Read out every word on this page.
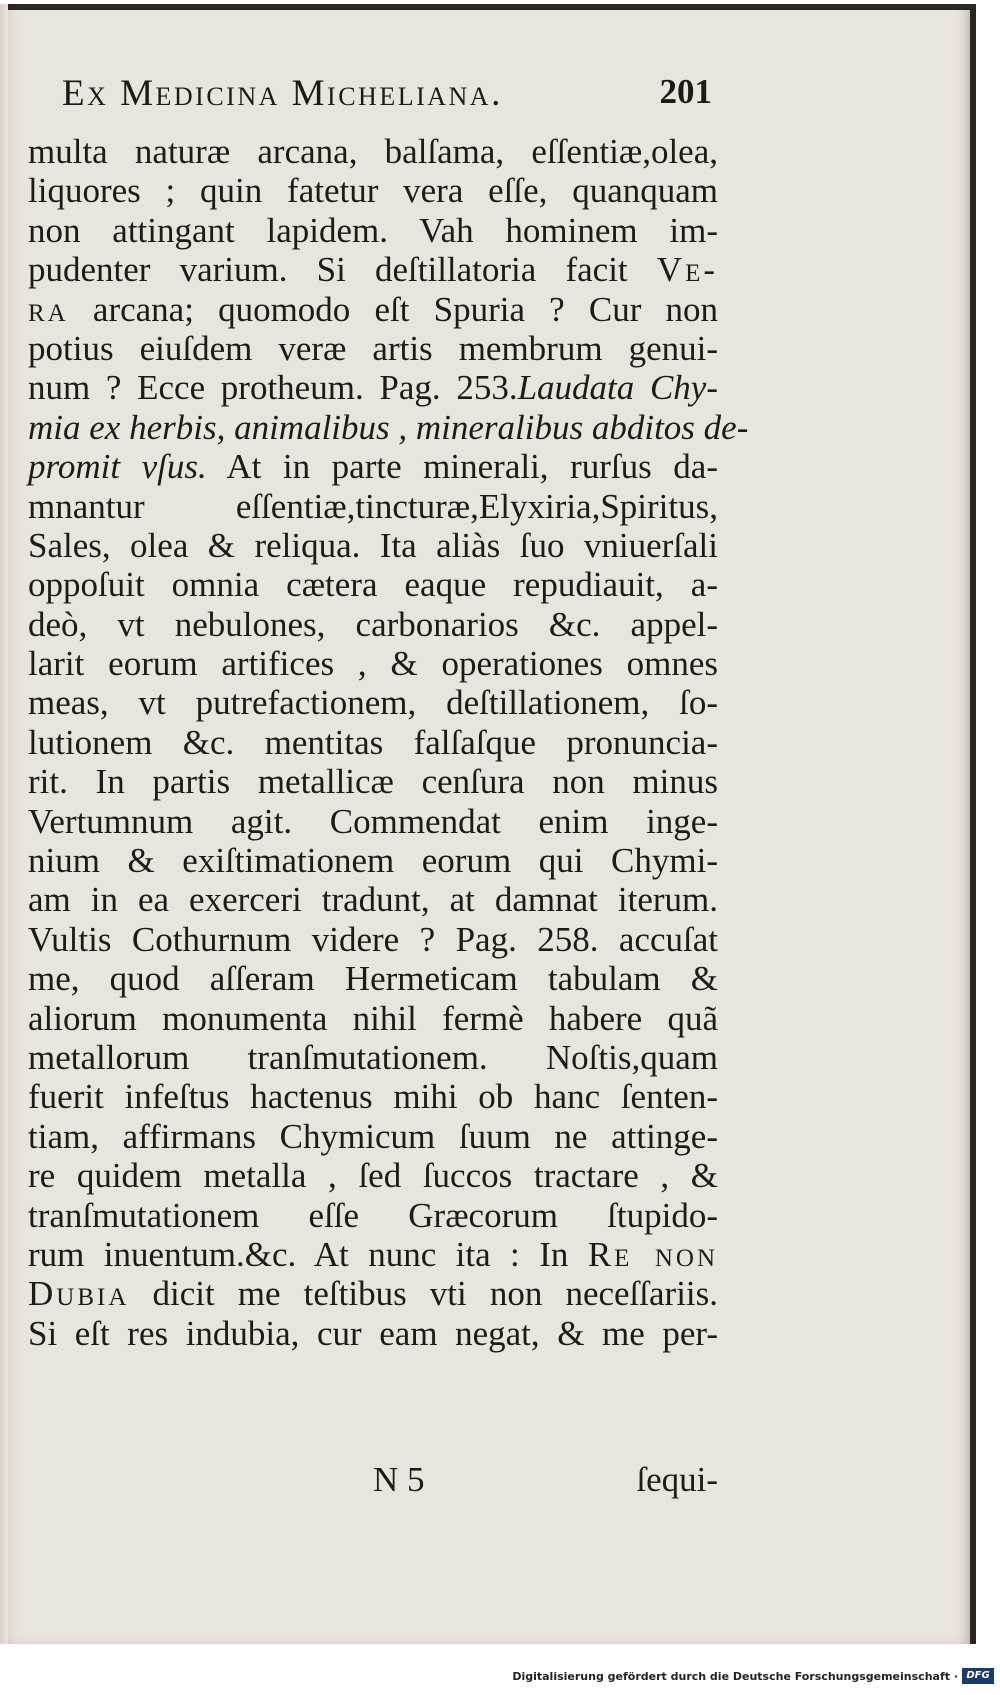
Ex Medicina Micheliana.	201
multa naturæ arcana, balſama, eſſentiæ,olea,
liquores ; quin fatetur vera eſſe, quanquam
non attingant lapidem. Vah hominem im-
pudenter varium. Si deſtillatoria facit Ve-
ra arcana; quomodo eſt Spuria ? Cur non
potius eiuſdem veræ artis membrum genui-
num ? Ecce protheum. Pag. 253.Laudata Chy-
mia ex herbis, animalibus , mineralibus abditos de-
promit vſus. At in parte minerali, rurſus da-
mnantur eſſentiæ,tincturæ,Elyxiria,Spiritus,
Sales, olea & reliqua. Ita aliàs ſuo vniuerſali
oppoſuit omnia cætera eaque repudiauit, a-
deò, vt nebulones, carbonarios &c. appel-
larit eorum artifices , & operationes omnes
meas, vt putrefactionem, deſtillationem, ſo-
lutionem &c. mentitas falſaſque pronuncia-
rit. In partis metallicæ cenſura non minus
Vertumnum agit. Commendat enim inge-
nium & exiſtimationem eorum qui Chymi-
am in ea exerceri tradunt, at damnat iterum.
Vultis Cothurnum videre ? Pag. 258. accuſat
me, quod aſſeram Hermeticam tabulam &
aliorum monumenta nihil fermè habere quã
metallorum tranſmutationem. Noſtis,quam
fuerit infeſtus hactenus mihi ob hanc ſenten-
tiam, affirmans Chymicum ſuum ne attinge-
re quidem metalla , ſed ſuccos tractare , &
tranſmutationem eſſe Græcorum ſtupido-
rum inuentum.&c. At nunc ita : In Re non
Dubia dicit me teſtibus vti non neceſſariis.
Si eſt res indubia, cur eam negat, & me per-
N 5	ſequi-
Digitalisierung gefördert durch die Deutsche Forschungsgemeinschaft · DFG
